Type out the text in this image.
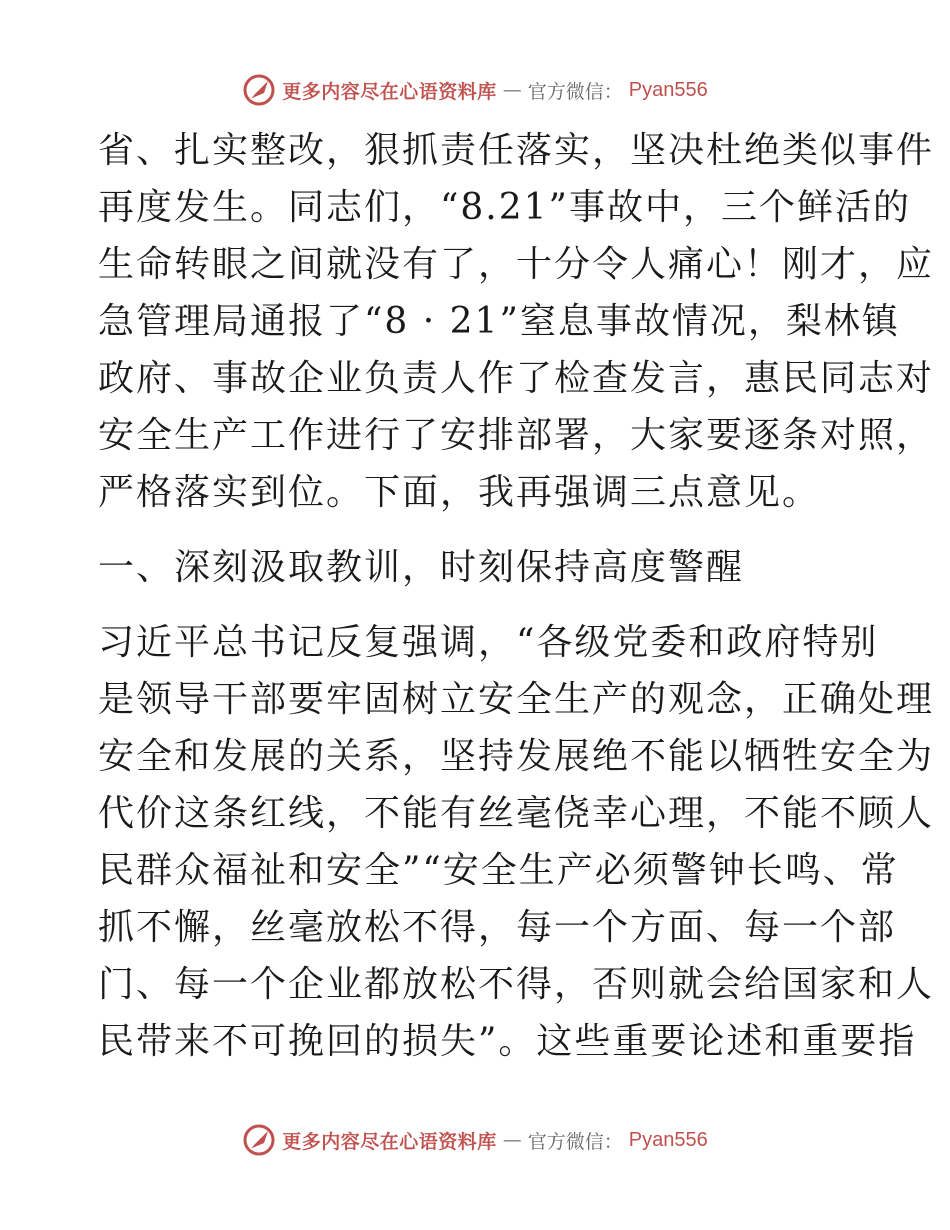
更多内容尽在心语资料库 — 官方微信： Pyan556
省、扎实整改，狠抓责任落实，坚决杜绝类似事件
再度发生。同志们，“8.21”事故中，三个鲜活的
生命转眼之间就没有了，十分令人痛心！刚才，应
急管理局通报了“8 · 21”窒息事故情况，梨林镇
政府、事故企业负责人作了检查发言，惠民同志对
安全生产工作进行了安排部署，大家要逐条对照，
严格落实到位。下面，我再强调三点意见。
一、深刻汲取教训，时刻保持高度警醒
习近平总书记反复强调，“各级党委和政府特别
是领导干部要牢固树立安全生产的观念，正确处理
安全和发展的关系，坚持发展绝不能以牺牲安全为
代价这条红线，不能有丝毫侥幸心理，不能不顾人
民群众福祉和安全”“安全生产必须警钟长鸣、常
抓不懈，丝毫放松不得，每一个方面、每一个部
门、每一个企业都放松不得，否则就会给国家和人
民带来不可挽回的损失”。这些重要论述和重要指
更多内容尽在心语资料库 — 官方微信： Pyan556
